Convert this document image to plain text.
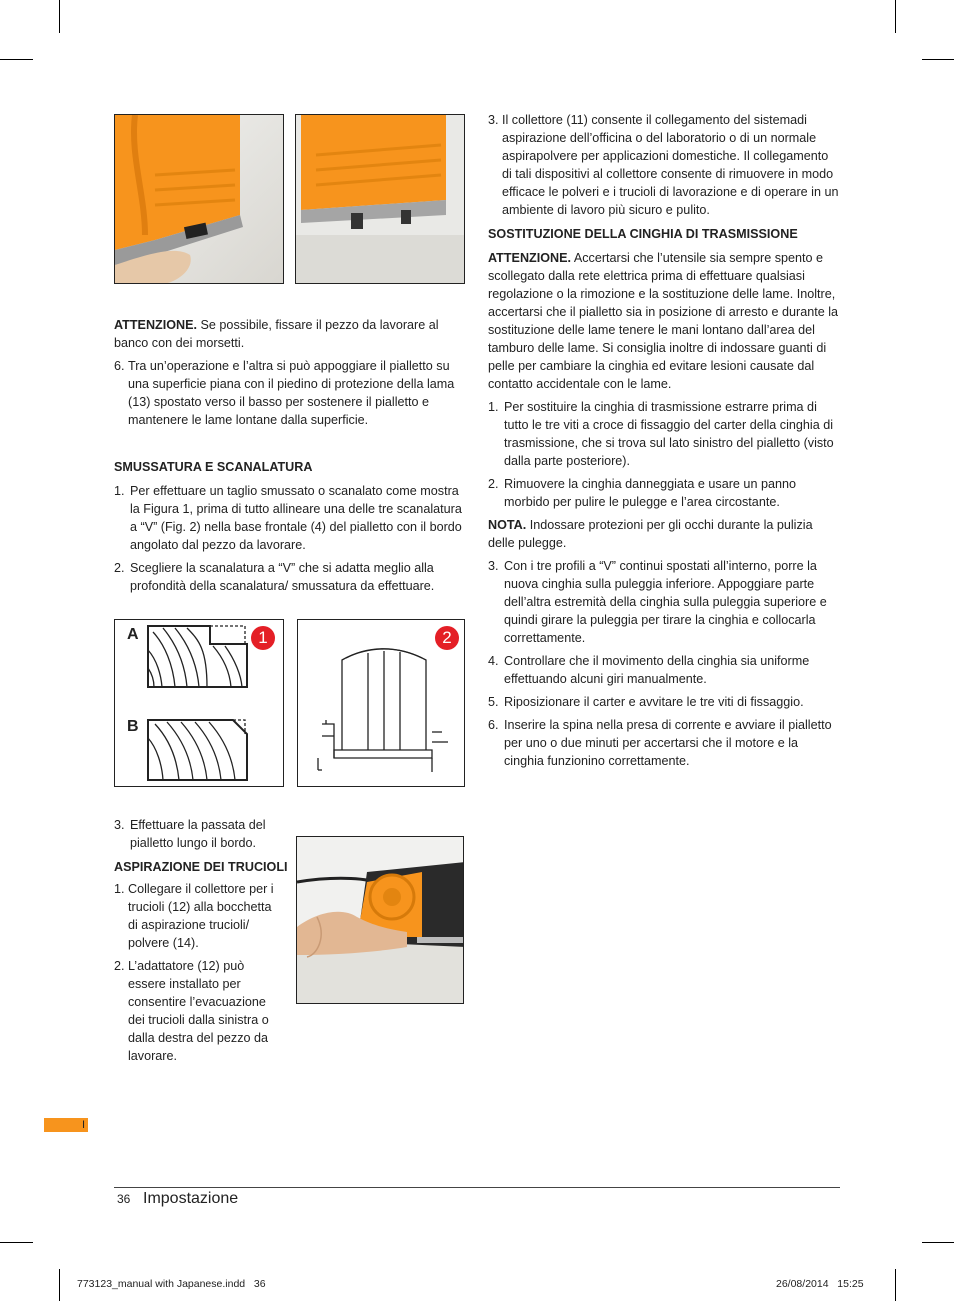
ATTENZIONE. Se possibile, fissare il pezzo da lavorare al banco con dei morsetti.

6. Tra un’operazione e l’altra si può appoggiare il pialletto su una superficie piana con il piedino di protezione della lama (13) spostato verso il basso per sostenere il pialletto e mantenere le lame lontane dalla superficie.

SMUSSATURA E SCANALATURA

1. Per effettuare un taglio smussato o scanalato come mostra la Figura 1, prima di tutto allineare una delle tre scanalatura a “V” (Fig. 2) nella base frontale (4) del pialletto con il bordo angolato dal pezzo da lavorare.
2. Scegliere la scanalatura a “V” che si adatta meglio alla profondità della scanalatura/ smussatura da effettuare.
A
B
1	2
3. Effettuare la passata del pialletto lungo il bordo.

ASPIRAZIONE DEI TRUCIOLI

1. Collegare il collettore per i trucioli (12) alla bocchetta di aspirazione trucioli/ polvere (14).
2. L’adattatore (12) può essere installato per consentire l’evacuazione dei trucioli dalla sinistra o dalla destra del pezzo da lavorare.
3. Il collettore (11) consente il collegamento del sistemadi aspirazione dell’officina o del laboratorio o di un normale aspirapolvere per applicazioni domestiche. Il collegamento di tali dispositivi al collettore consente di rimuovere in modo efficace le polveri e i trucioli di lavorazione e di operare in un ambiente di lavoro più sicuro e pulito.

SOSTITUZIONE DELLA CINGHIA DI TRASMISSIONE

ATTENZIONE. Accertarsi che l’utensile sia sempre spento e scollegato dalla rete elettrica prima di effettuare qualsiasi regolazione o la rimozione e la sostituzione delle lame. Inoltre, accertarsi che il pialletto sia in posizione di arresto e durante la sostituzione delle lame tenere le mani lontano dall’area del tamburo delle lame. Si consiglia inoltre di indossare guanti di pelle per cambiare la cinghia ed evitare lesioni causate dal contatto accidentale con le lame.

1. Per sostituire la cinghia di trasmissione estrarre prima di tutto le tre viti a croce di fissaggio del carter della cinghia di trasmissione, che si trova sul lato sinistro del pialletto (visto dalla parte posteriore).
2. Rimuovere la cinghia danneggiata e usare un panno morbido per pulire le pulegge e l’area circostante.

NOTA. Indossare protezioni per gli occhi durante la pulizia delle pulegge.

3. Con i tre profili a “V” continui spostati all’interno, porre la nuova cinghia sulla puleggia inferiore. Appoggiare parte dell’altra estremità della cinghia sulla puleggia superiore e quindi girare la puleggia per tirare la cinghia e collocarla correttamente.
4. Controllare che il movimento della cinghia sia uniforme effettuando alcuni giri manualmente.
5. Riposizionare il carter e avvitare le tre viti di fissaggio.
6. Inserire la spina nella presa di corrente e avviare il pialletto per uno o due minuti per accertarsi che il motore e la cinghia funzionino correttamente.
I
36 Impostazione
773123_manual with Japanese.indd   36	26/08/2014   15:25
